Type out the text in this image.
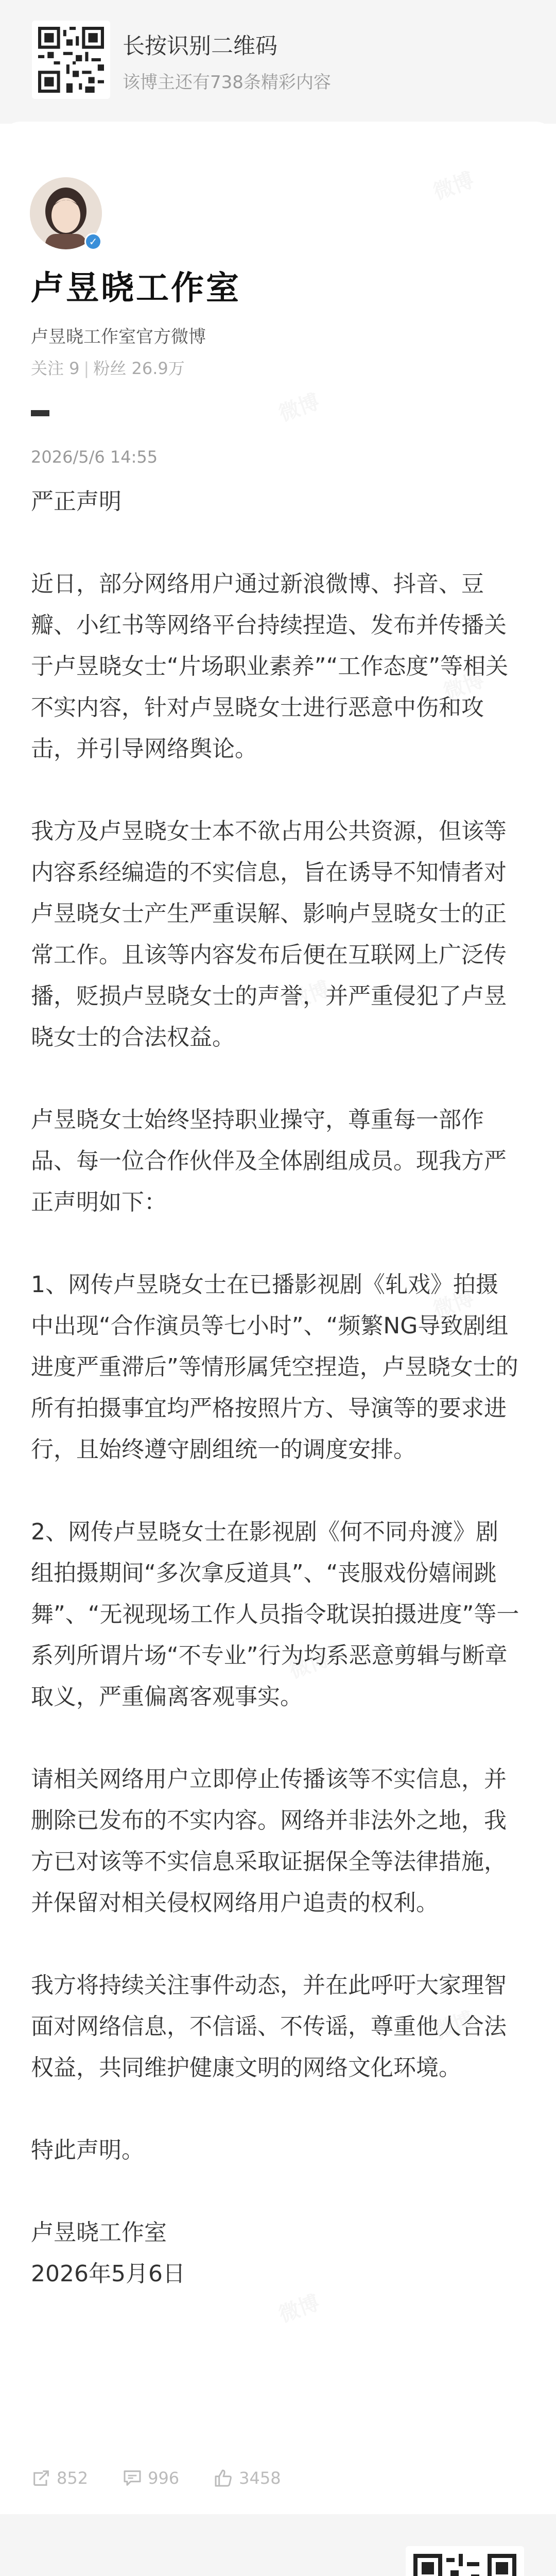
长按识别二维码
该博主还有738条精彩内容
✓
卢昱晓工作室
卢昱晓工作室官方微博
关注 9 | 粉丝 26.9万
2026/5/6 14:55

严正声明

近日，部分网络用户通过新浪微博、抖音、豆瓣、小红书等网络平台持续捏造、发布并传播关于卢昱晓女士“片场职业素养”“工作态度”等相关不实内容，针对卢昱晓女士进行恶意中伤和攻击，并引导网络舆论。

我方及卢昱晓女士本不欲占用公共资源，但该等内容系经编造的不实信息，旨在诱导不知情者对卢昱晓女士产生严重误解、影响卢昱晓女士的正常工作。且该等内容发布后便在互联网上广泛传播，贬损卢昱晓女士的声誉，并严重侵犯了卢昱晓女士的合法权益。

卢昱晓女士始终坚持职业操守，尊重每一部作品、每一位合作伙伴及全体剧组成员。现我方严正声明如下：

1、网传卢昱晓女士在已播影视剧《轧戏》拍摄中出现“合作演员等七小时”、“频繁NG导致剧组进度严重滞后”等情形属凭空捏造，卢昱晓女士的所有拍摄事宜均严格按照片方、导演等的要求进行，且始终遵守剧组统一的调度安排。

2、网传卢昱晓女士在影视剧《何不同舟渡》剧组拍摄期间“多次拿反道具”、“丧服戏份嬉闹跳舞”、“无视现场工作人员指令耽误拍摄进度”等一系列所谓片场“不专业”行为均系恶意剪辑与断章取义，严重偏离客观事实。

请相关网络用户立即停止传播该等不实信息，并删除已发布的不实内容。网络并非法外之地，我方已对该等不实信息采取证据保全等法律措施，并保留对相关侵权网络用户追责的权利。

我方将持续关注事件动态，并在此呼吁大家理智面对网络信息，不信谣、不传谣，尊重他人合法权益，共同维护健康文明的网络文化环境。

特此声明。

卢昱晓工作室

2026年5月6日

852	996	3458
